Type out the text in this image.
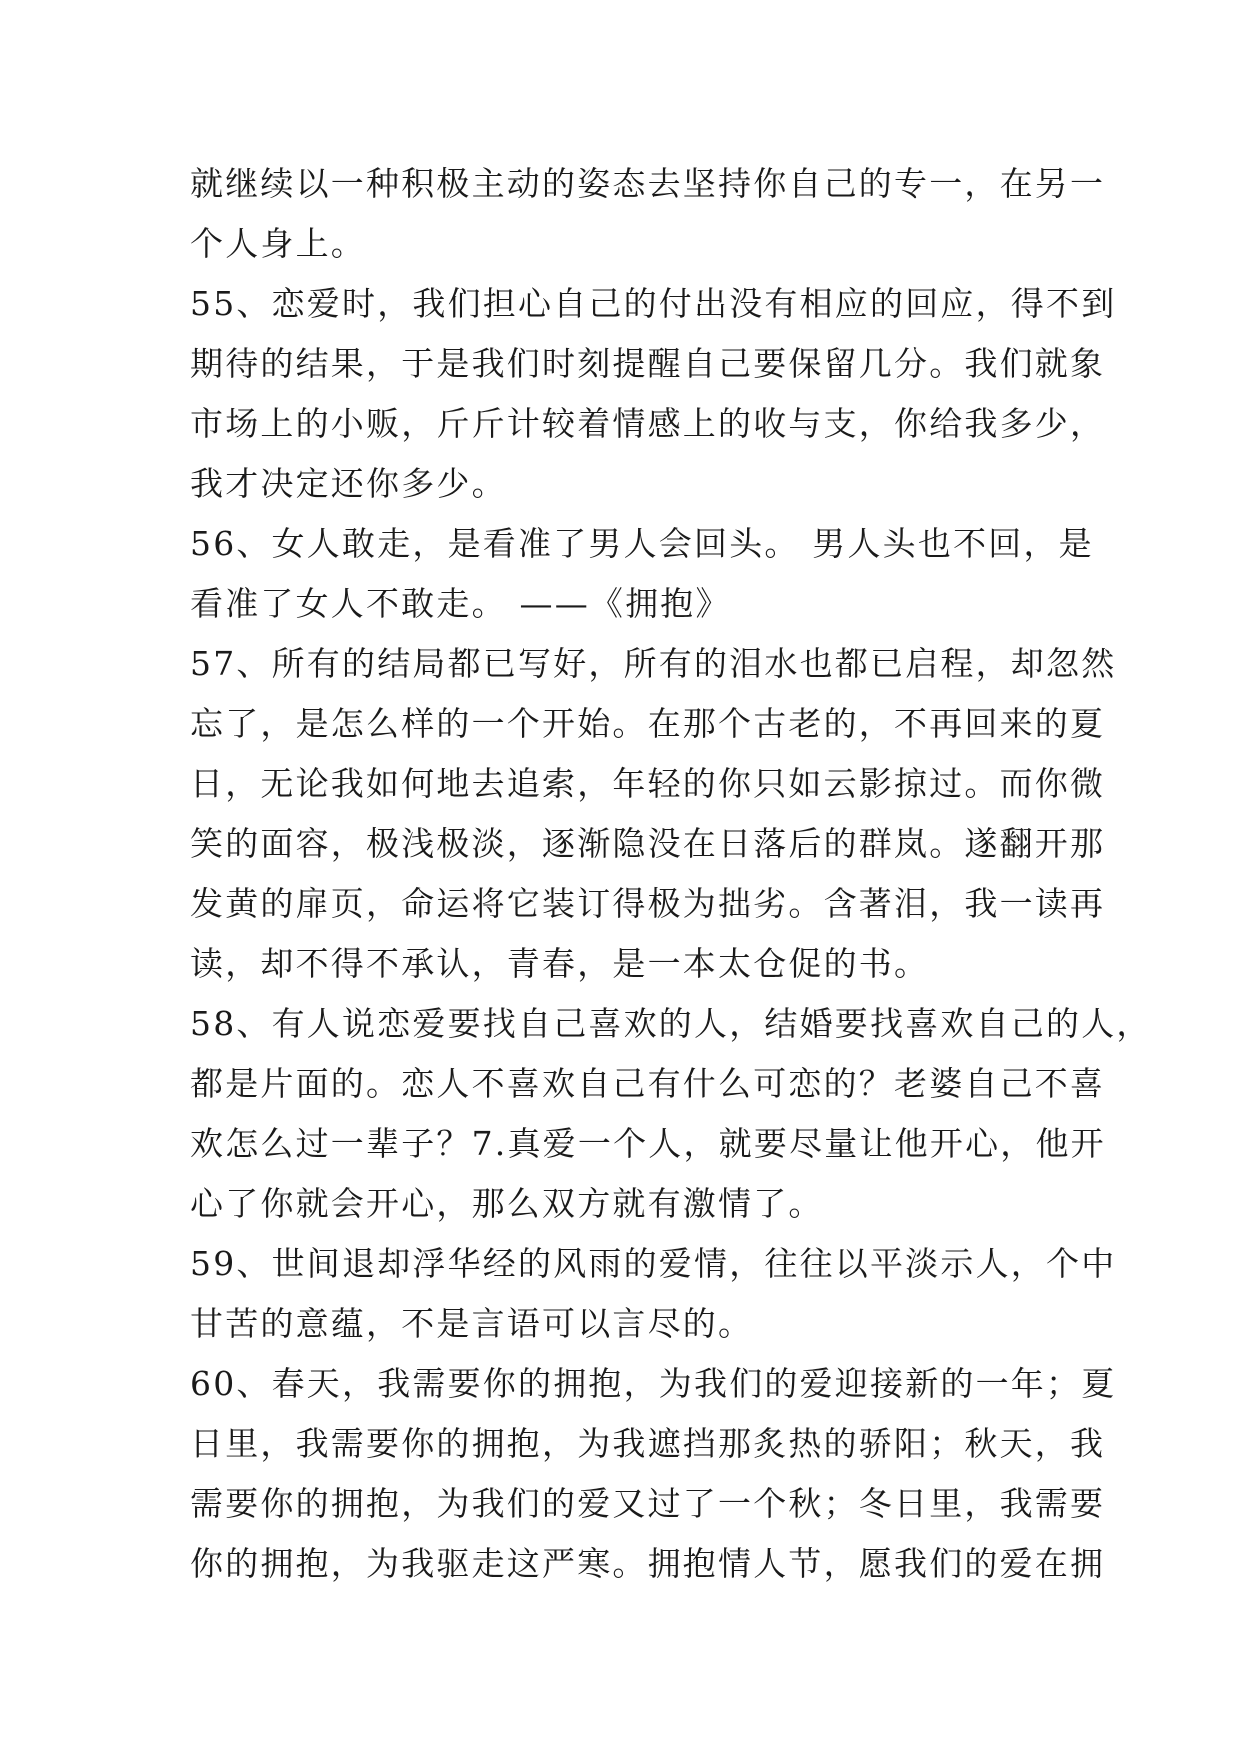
就继续以一种积极主动的姿态去坚持你自己的专一，在另一
个人身上。
55、恋爱时，我们担心自己的付出没有相应的回应，得不到
期待的结果，于是我们时刻提醒自己要保留几分。我们就象
市场上的小贩，斤斤计较着情感上的收与支，你给我多少，
我才决定还你多少。
56、女人敢走，是看准了男人会回头。 男人头也不回，是
看准了女人不敢走。 ——《拥抱》
57、所有的结局都已写好，所有的泪水也都已启程，却忽然
忘了，是怎么样的一个开始。在那个古老的，不再回来的夏
日，无论我如何地去追索，年轻的你只如云影掠过。而你微
笑的面容，极浅极淡，逐渐隐没在日落后的群岚。遂翻开那
发黄的扉页，命运将它装订得极为拙劣。含著泪，我一读再
读，却不得不承认，青春，是一本太仓促的书。
58、有人说恋爱要找自己喜欢的人，结婚要找喜欢自己的人，
都是片面的。恋人不喜欢自己有什么可恋的？老婆自己不喜
欢怎么过一辈子？7.真爱一个人，就要尽量让他开心，他开
心了你就会开心，那么双方就有激情了。
59、世间退却浮华经的风雨的爱情，往往以平淡示人，个中
甘苦的意蕴，不是言语可以言尽的。
60、春天，我需要你的拥抱，为我们的爱迎接新的一年；夏
日里，我需要你的拥抱，为我遮挡那炙热的骄阳；秋天，我
需要你的拥抱，为我们的爱又过了一个秋；冬日里，我需要
你的拥抱，为我驱走这严寒。拥抱情人节，愿我们的爱在拥
